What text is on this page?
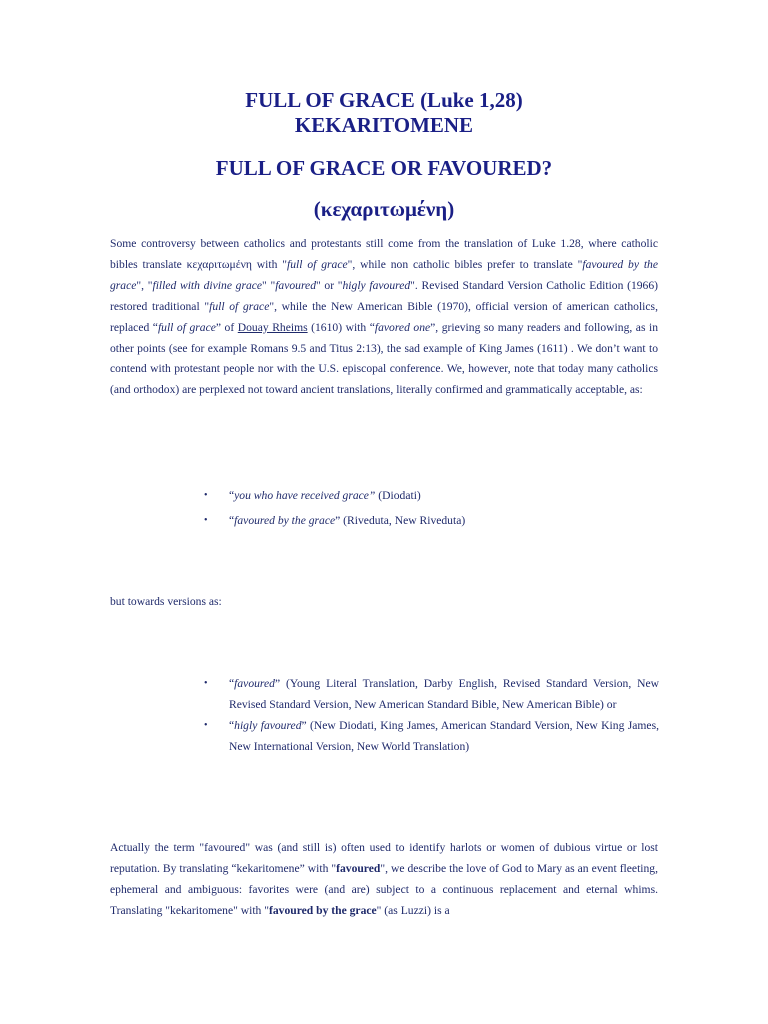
FULL OF GRACE (Luke 1,28)
KEKARITOMENE
FULL OF GRACE OR FAVOURED?
(κεχαριτωμένη)

Some controversy between catholics and protestants still come from the translation of Luke 1.28, where catholic bibles translate κεχαριτωμένη with "full of grace", while non catholic bibles prefer to translate "favoured by the grace", "filled with divine grace" "favoured" or "higly favoured". Revised Standard Version Catholic Edition (1966) restored traditional "full of grace", while the New American Bible (1970), official version of american catholics, replaced “full of grace” of Douay Rheims (1610) with “favored one”, grieving so many readers and following, as in other points (see for example Romans 9.5 and Titus 2:13), the sad example of King James (1611) . We don’t want to contend with protestant people nor with the U.S. episcopal conference. We, however, note that today many catholics (and orthodox) are perplexed not toward ancient translations, literally confirmed and grammatically acceptable, as:

• “you who have received grace” (Diodati)
• “favoured by the grace” (Riveduta, New Riveduta)

but towards versions as:

• “favoured” (Young Literal Translation, Darby English, Revised Standard Version, New Revised Standard Version, New American Standard Bible, New American Bible) or
• “higly favoured” (New Diodati, King James, American Standard Version, New King James, New International Version, New World Translation)

Actually the term "favoured" was (and still is) often used to identify harlots or women of dubious virtue or lost reputation. By translating “kekaritomene” with "favoured", we describe the love of God to Mary as an event fleeting, ephemeral and ambiguous: favorites were (and are) subject to a continuous replacement and eternal whims. Translating "kekaritomene" with "favoured by the grace" (as Luzzi) is a
